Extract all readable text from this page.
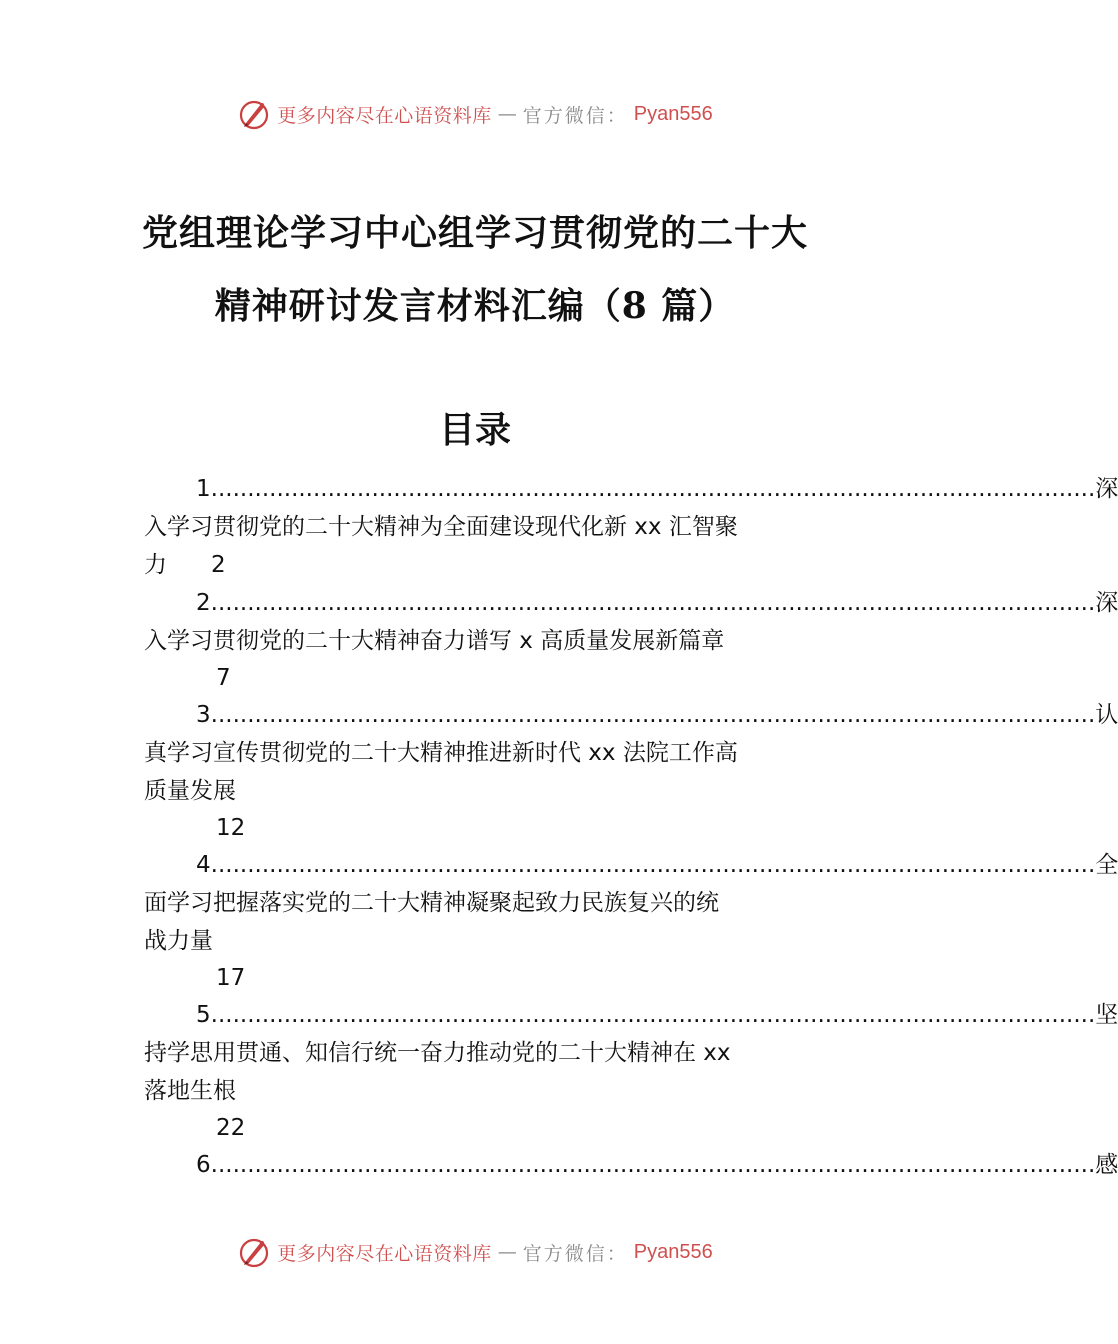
更多内容尽在心语资料库 — 官方微信： Pyan556
党组理论学习中心组学习贯彻党的二十大
精神研讨发言材料汇编（8 篇）
目录
1. ........................................................................................................................ 深
入学习贯彻党的二十大精神为全面建设现代化新 xx 汇智聚
力 2
2. ........................................................................................................................ 深
入学习贯彻党的二十大精神奋力谱写 x 高质量发展新篇章
7
3. ........................................................................................................................ 认
真学习宣传贯彻党的二十大精神推进新时代 xx 法院工作高
质量发展
12
4. ........................................................................................................................ 全
面学习把握落实党的二十大精神凝聚起致力民族复兴的统
战力量
17
5. ........................................................................................................................ 坚
持学思用贯通、知信行统一奋力推动党的二十大精神在 xx
落地生根
22
6. ........................................................................................................................ 感
更多内容尽在心语资料库 — 官方微信： Pyan556
